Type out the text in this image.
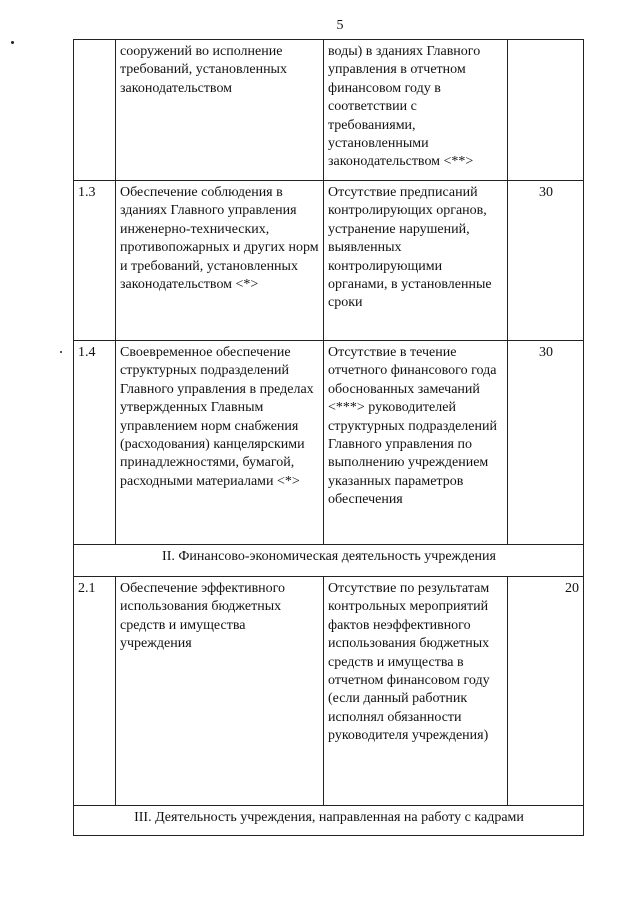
5
	сооружений во исполнение требований, установленных законодательством	воды) в зданиях Главного управления в отчетном финансовом году в соответствии с требованиями, установленными законодательством <**>	
1.3	Обеспечение соблюдения в зданиях Главного управления инженерно-технических, противопожарных и других норм и требований, установленных законодательством <*>	Отсутствие предписаний контролирующих органов, устранение нарушений, выявленных контролирующими органами, в установленные сроки	30
1.4	Своевременное обеспечение структурных подразделений Главного управления в пределах утвержденных Главным управлением норм снабжения (расходования) канцелярскими принадлежностями, бумагой, расходными материалами <*>	Отсутствие в течение отчетного финансового года обоснованных замечаний <***> руководителей структурных подразделений Главного управления по выполнению учреждением указанных параметров обеспечения	30
II. Финансово-экономическая деятельность учреждения			
2.1	Обеспечение эффективного использования бюджетных средств и имущества учреждения	Отсутствие по результатам контрольных мероприятий фактов неэффективного использования бюджетных средств и имущества в отчетном финансовом году (если данный работник исполнял обязанности руководителя учреждения)	20
III. Деятельность учреждения, направленная на работу с кадрами			
